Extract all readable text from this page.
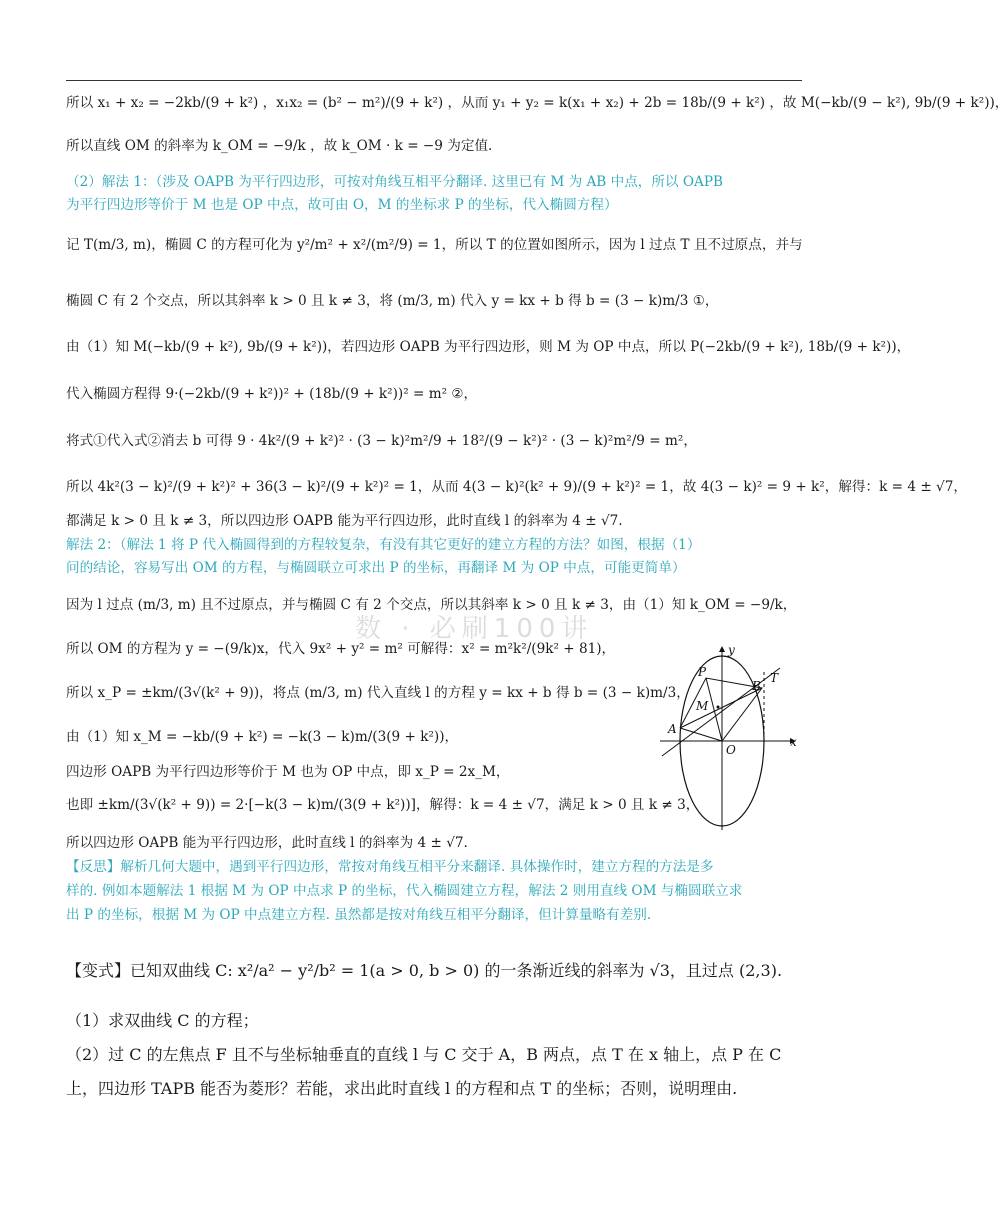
所以 x₁ + x₂ = −2kb/(9 + k²) ，x₁x₂ = (b² − m²)/(9 + k²) ，从而 y₁ + y₂ = k(x₁ + x₂) + 2b = 18b/(9 + k²) ，故 M(−kb/(9 − k²), 9b/(9 + k²))，
所以直线 OM 的斜率为 k_OM = −9/k ，故 k_OM · k = −9 为定值.
（2）解法 1：（涉及 OAPB 为平行四边形，可按对角线互相平分翻译. 这里已有 M 为 AB 中点，所以 OAPB
为平行四边形等价于 M 也是 OP 中点，故可由 O，M 的坐标求 P 的坐标，代入椭圆方程）
记 T(m/3, m)，椭圆 C 的方程可化为 y²/m² + x²/(m²/9) = 1，所以 T 的位置如图所示，因为 l 过点 T 且不过原点，并与
椭圆 C 有 2 个交点，所以其斜率 k > 0 且 k ≠ 3，将 (m/3, m) 代入 y = kx + b 得 b = (3 − k)m/3 ①，
由（1）知 M(−kb/(9 + k²), 9b/(9 + k²))，若四边形 OAPB 为平行四边形，则 M 为 OP 中点，所以 P(−2kb/(9 + k²), 18b/(9 + k²))，
代入椭圆方程得 9·(−2kb/(9 + k²))² + (18b/(9 + k²))² = m² ②，
将式①代入式②消去 b 可得 9 · 4k²/(9 + k²)² · (3 − k)²m²/9 + 18²/(9 − k²)² · (3 − k)²m²/9 = m²，
所以 4k²(3 − k)²/(9 + k²)² + 36(3 − k)²/(9 + k²)² = 1，从而 4(3 − k)²(k² + 9)/(9 + k²)² = 1，故 4(3 − k)² = 9 + k²，解得：k = 4 ± √7，
都满足 k > 0 且 k ≠ 3，所以四边形 OAPB 能为平行四边形，此时直线 l 的斜率为 4 ± √7.
解法 2：（解法 1 将 P 代入椭圆得到的方程较复杂，有没有其它更好的建立方程的方法？如图，根据（1）
问的结论，容易写出 OM 的方程，与椭圆联立可求出 P 的坐标，再翻译 M 为 OP 中点，可能更简单）
因为 l 过点 (m/3, m) 且不过原点，并与椭圆 C 有 2 个交点，所以其斜率 k > 0 且 k ≠ 3，由（1）知 k_OM = −9/k，
所以 OM 的方程为 y = −(9/k)x，代入 9x² + y² = m² 可解得：x² = m²k²/(9k² + 81)，
所以 x_P = ±km/(3√(k² + 9))，将点 (m/3, m) 代入直线 l 的方程 y = kx + b 得 b = (3 − k)m/3，
由（1）知 x_M = −kb/(9 + k²) = −k(3 − k)m/(3(9 + k²))，
四边形 OAPB 为平行四边形等价于 M 也为 OP 中点，即 x_P = 2x_M，
也即 ±km/(3√(k² + 9)) = 2·[−k(3 − k)m/(3(9 + k²))]，解得：k = 4 ± √7，满足 k > 0 且 k ≠ 3，
所以四边形 OAPB 能为平行四边形，此时直线 l 的斜率为 4 ± √7.
【反思】解析几何大题中，遇到平行四边形，常按对角线互相平分来翻译. 具体操作时，建立方程的方法是多
样的. 例如本题解法 1 根据 M 为 OP 中点求 P 的坐标，代入椭圆建立方程，解法 2 则用直线 OM 与椭圆联立求
出 P 的坐标，根据 M 为 OP 中点建立方程. 虽然都是按对角线互相平分翻译，但计算量略有差别.
数 · 必刷100讲
【变式】已知双曲线 C: x²/a² − y²/b² = 1(a > 0, b > 0) 的一条渐近线的斜率为 √3，且过点 (2,3).
（1）求双曲线 C 的方程；
（2）过 C 的左焦点 F 且不与坐标轴垂直的直线 l 与 C 交于 A，B 两点，点 T 在 x 轴上，点 P 在 C
上，四边形 TAPB 能否为菱形？若能，求出此时直线 l 的方程和点 T 的坐标；否则，说明理由.
P	T
B
M
A
O
x
y
